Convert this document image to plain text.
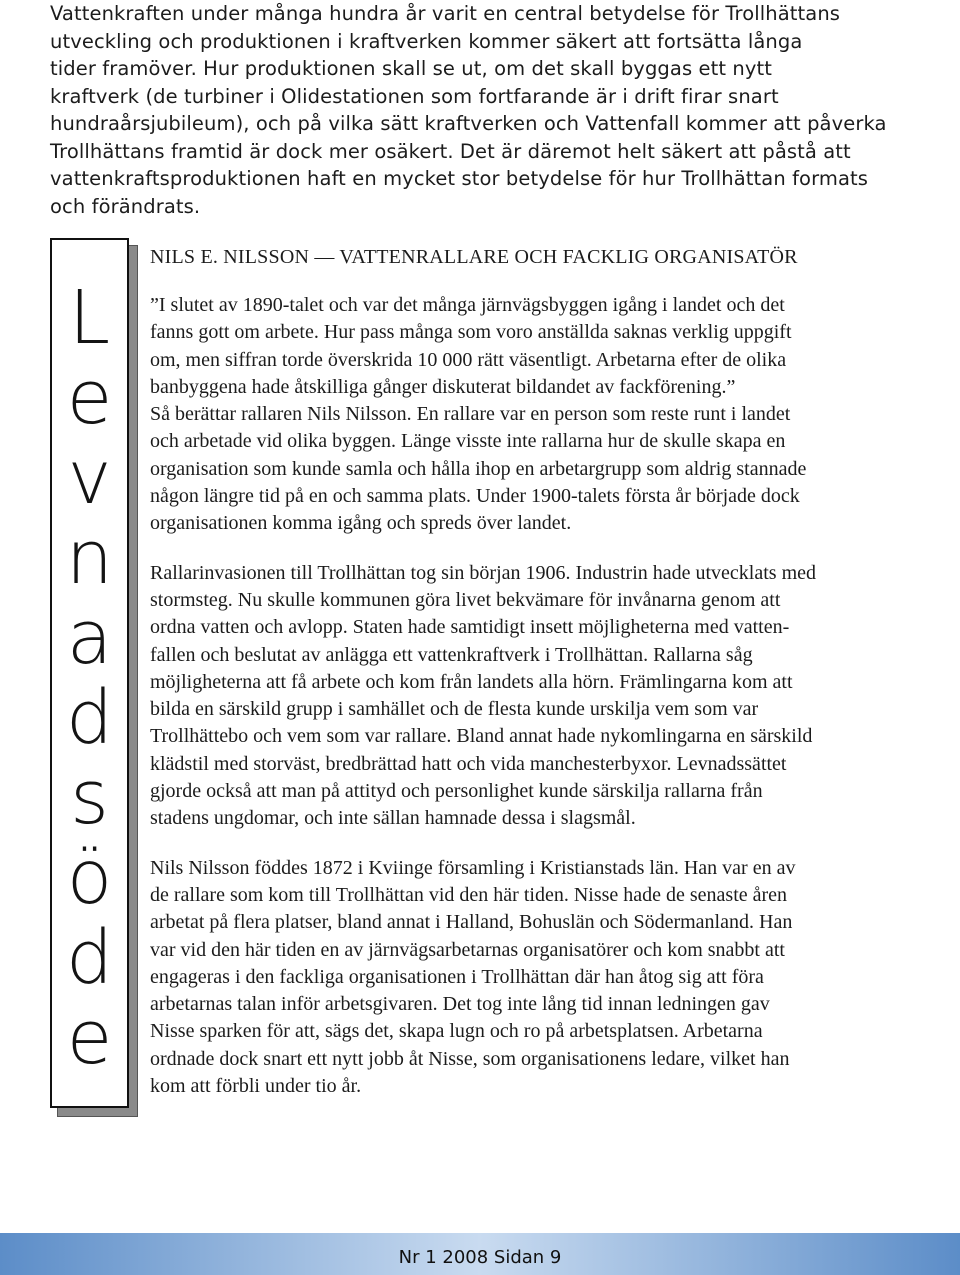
Vattenkraften under många hundra år varit en central betydelse för Trollhättans
utveckling och produktionen i kraftverken kommer säkert att fortsätta långa
tider framöver. Hur produktionen skall se ut, om det skall byggas ett nytt
kraftverk (de turbiner i Olidestationen som fortfarande är i drift firar snart
hundraårsjubileum), och på vilka sätt kraftverken och Vattenfall kommer att påverka
Trollhättans framtid är dock mer osäkert. Det är däremot helt säkert att påstå att
vattenkraftsproduktionen haft en mycket stor betydelse för hur Trollhättan formats
och förändrats.
L
e
v
n
a
d
s
ö
d
e
NILS E. NILSSON — VATTENRALLARE OCH FACKLIG ORGANISATÖR

”I slutet av 1890-talet och var det många järnvägsbyggen igång i landet och det
fanns gott om arbete. Hur pass många som voro anställda saknas verklig uppgift
om, men siffran torde överskrida 10 000 rätt väsentligt. Arbetarna efter de olika
banbyggena hade åtskilliga gånger diskuterat bildandet av fackförening.”
Så berättar rallaren Nils Nilsson. En rallare var en person som reste runt i landet
och arbetade vid olika byggen. Länge visste inte rallarna hur de skulle skapa en
organisation som kunde samla och hålla ihop en arbetargrupp som aldrig stannade
någon längre tid på en och samma plats. Under 1900-talets första år började dock
organisationen komma igång och spreds över landet.

Rallarinvasionen till Trollhättan tog sin början 1906. Industrin hade utvecklats med
stormsteg. Nu skulle kommunen göra livet bekvämare för invånarna genom att
ordna vatten och avlopp. Staten hade samtidigt insett möjligheterna med vatten-
fallen och beslutat av anlägga ett vattenkraftverk i Trollhättan. Rallarna såg
möjligheterna att få arbete och kom från landets alla hörn. Främlingarna kom att
bilda en särskild grupp i samhället och de flesta kunde urskilja vem som var
Trollhättebo och vem som var rallare. Bland annat hade nykomlingarna en särskild
klädstil med storväst, bredbrättad hatt och vida manchesterbyxor. Levnadssättet
gjorde också att man på attityd och personlighet kunde särskilja rallarna från
stadens ungdomar, och inte sällan hamnade dessa i slagsmål.

Nils Nilsson föddes 1872 i Kviinge församling i Kristianstads län. Han var en av
de rallare som kom till Trollhättan vid den här tiden. Nisse hade de senaste åren
arbetat på flera platser, bland annat i Halland, Bohuslän och Södermanland. Han
var vid den här tiden en av järnvägsarbetarnas organisatörer och kom snabbt att
engageras i den fackliga organisationen i Trollhättan där han åtog sig att föra
arbetarnas talan inför arbetsgivaren. Det tog inte lång tid innan ledningen gav
Nisse sparken för att, sägs det, skapa lugn och ro på arbetsplatsen. Arbetarna
ordnade dock snart ett nytt jobb åt Nisse, som organisationens ledare, vilket han
kom att förbli under tio år.

Nr 1 2008 Sidan 9
